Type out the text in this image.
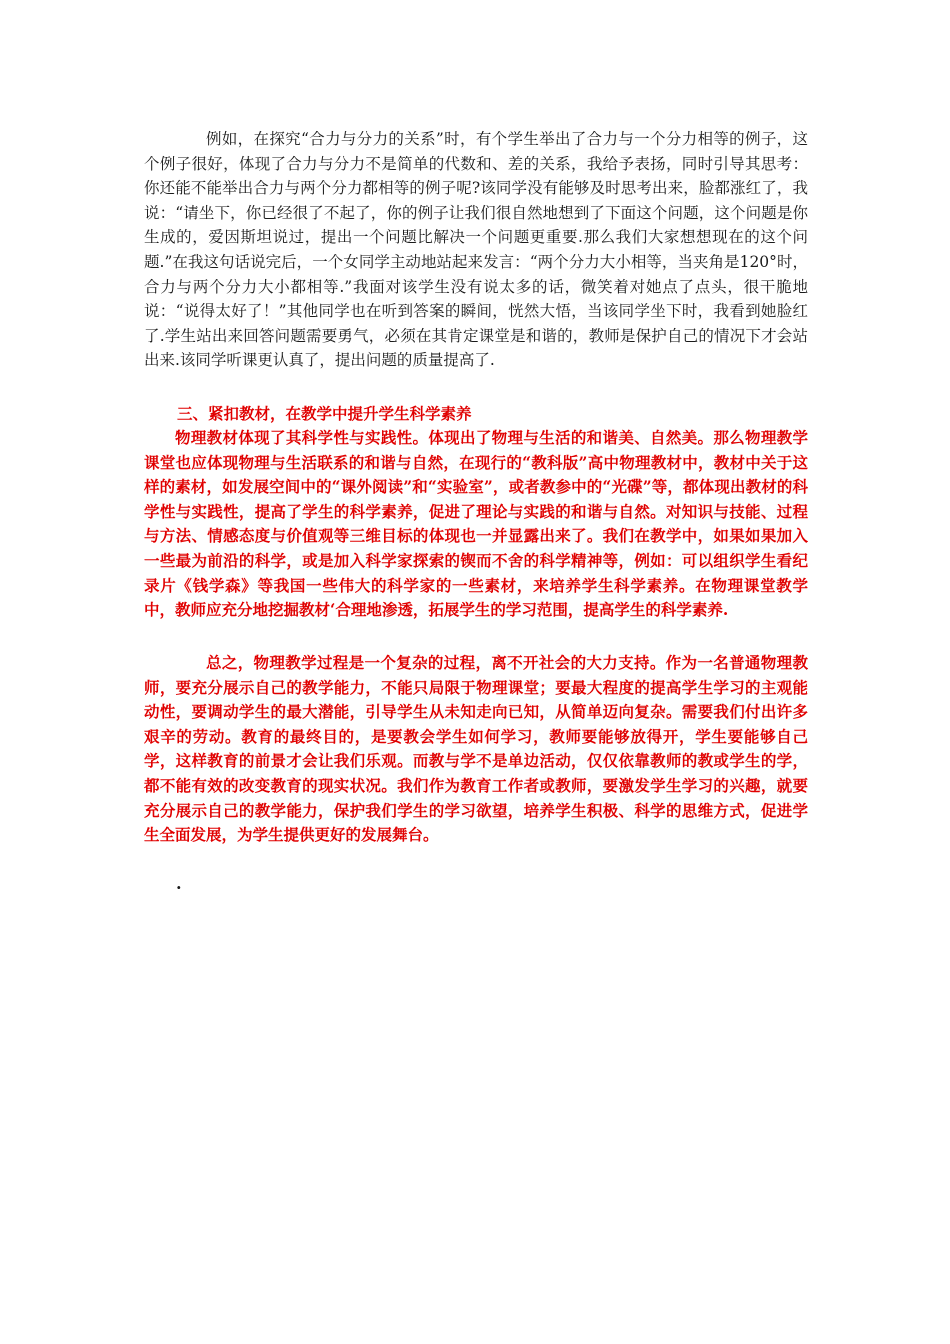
例如，在探究“合力与分力的关系”时，有个学生举出了合力与一个分力相等的例子，这个例子很好，体现了合力与分力不是简单的代数和、差的关系，我给予表扬，同时引导其思考：你还能不能举出合力与两个分力都相等的例子呢?该同学没有能够及时思考出来，脸都涨红了，我说：“请坐下，你已经很了不起了，你的例子让我们很自然地想到了下面这个问题，这个问题是你生成的，爱因斯坦说过，提出一个问题比解决一个问题更重要.那么我们大家想想现在的这个问题.”在我这句话说完后，一个女同学主动地站起来发言：“两个分力大小相等，当夹角是120°时，合力与两个分力大小都相等.”我面对该学生没有说太多的话，微笑着对她点了点头，很干脆地说：“说得太好了！”其他同学也在听到答案的瞬间，恍然大悟，当该同学坐下时，我看到她脸红了.学生站出来回答问题需要勇气，必须在其肯定课堂是和谐的，教师是保护自己的情况下才会站出来.该同学听课更认真了，提出问题的质量提高了.

三、紧扣教材，在教学中提升学生科学素养

物理教材体现了其科学性与实践性。体现出了物理与生活的和谐美、自然美。那么物理教学课堂也应体现物理与生活联系的和谐与自然，在现行的“教科版”高中物理教材中，教材中关于这样的素材，如发展空间中的“课外阅读”和“实验室”，或者教参中的“光碟”等，都体现出教材的科学性与实践性，提高了学生的科学素养，促进了理论与实践的和谐与自然。对知识与技能、过程与方法、情感态度与价值观等三维目标的体现也一并显露出来了。我们在教学中，如果如果加入一些最为前沿的科学，或是加入科学家探索的锲而不舍的科学精神等，例如：可以组织学生看纪录片《钱学森》等我国一些伟大的科学家的一些素材，来培养学生科学素养。在物理课堂教学中，教师应充分地挖掘教材‘合理地渗透，拓展学生的学习范围，提高学生的科学素养.

总之，物理教学过程是一个复杂的过程，离不开社会的大力支持。作为一名普通物理教师，要充分展示自己的教学能力，不能只局限于物理课堂；要最大程度的提高学生学习的主观能动性，要调动学生的最大潜能，引导学生从未知走向已知，从简单迈向复杂。需要我们付出许多艰辛的劳动。教育的最终目的，是要教会学生如何学习，教师要能够放得开，学生要能够自己学，这样教育的前景才会让我们乐观。而教与学不是单边活动，仅仅依靠教师的教或学生的学，都不能有效的改变教育的现实状况。我们作为教育工作者或教师，要激发学生学习的兴趣，就要充分展示自己的教学能力，保护我们学生的学习欲望，培养学生积极、科学的思维方式，促进学生全面发展，为学生提供更好的发展舞台。

.
